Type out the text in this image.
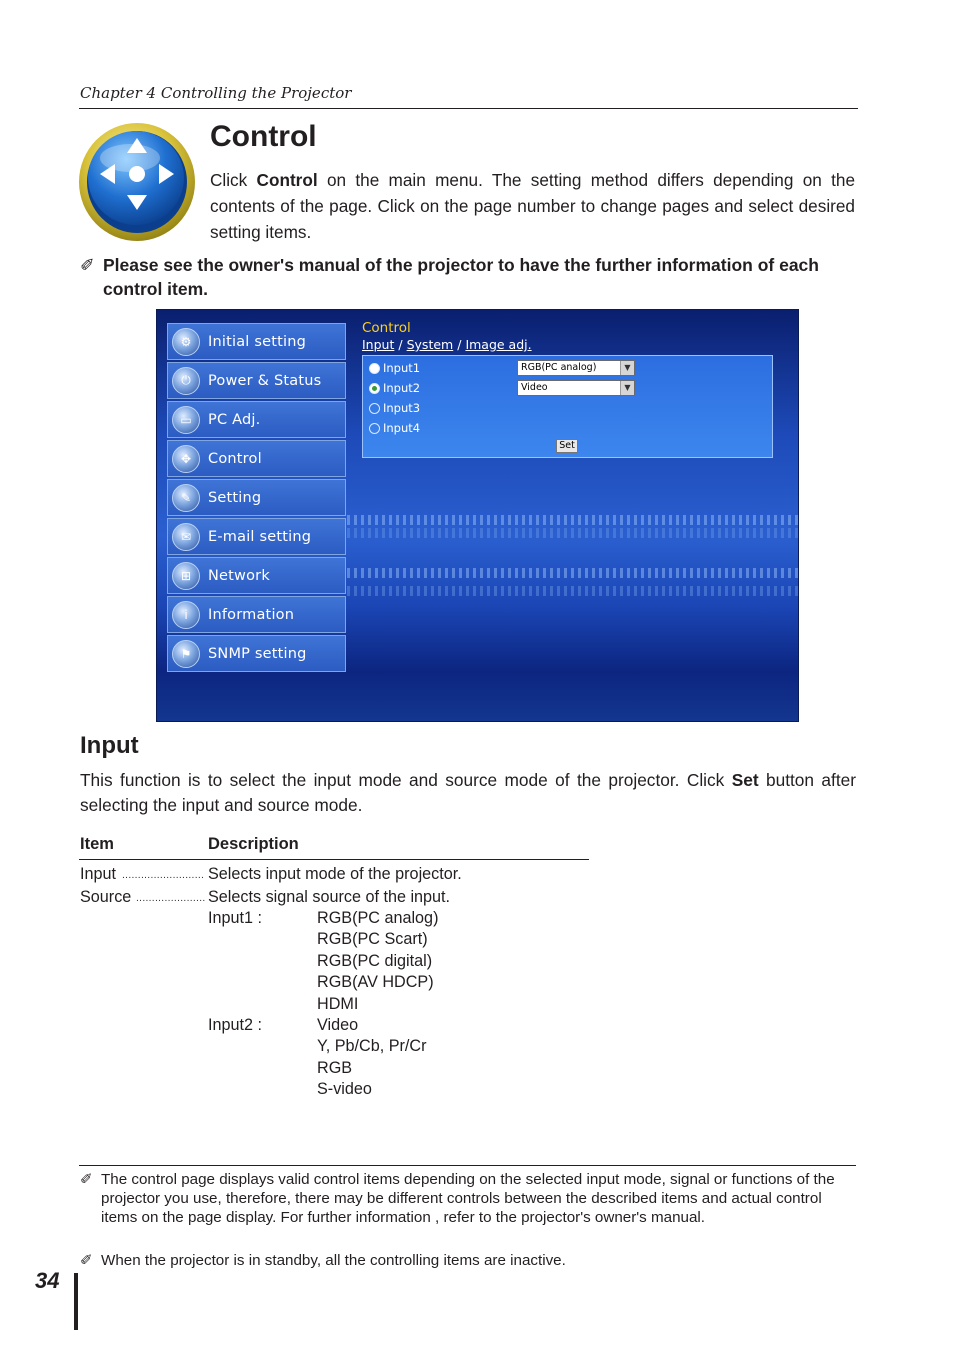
Chapter 4 Controlling the Projector
Control
Click Control on the main menu. The setting method differs depending on the contents of the page. Click on the page number to change pages and select desired setting items.
✐ Please see the owner's manual of the projector to have the further information of each control item.
⚙	Initial setting
⏻	Power & Status
▭	PC Adj.
✥	Control
✎	Setting
✉	E-mail setting
⊞	Network
i	Information
⚑	SNMP setting
Control
Input / System / Image adj.
Input1
Input2
Input3
Input4
RGB(PC analog)	▼
Video	▼
Set
Input
This function is to select the input mode and source mode of the projector. Click Set button after selecting the input and source mode.
Item	Description
Input .......................... Selects input mode of the projector.
Source ...................... Selects signal source of the input.
Input1 :	RGB(PC analog)
RGB(PC Scart)
RGB(PC digital)
RGB(AV HDCP)
HDMI
Input2 :	Video
Y, Pb/Cb, Pr/Cr
RGB
S-video
✐ The control page displays valid control items depending on the selected input mode, signal or functions of the projector you use, therefore, there may be different controls between the described items and actual control items on the page display. For further information , refer to the projector's owner's manual.
✐ When the projector is in standby, all the controlling items are inactive.
34
